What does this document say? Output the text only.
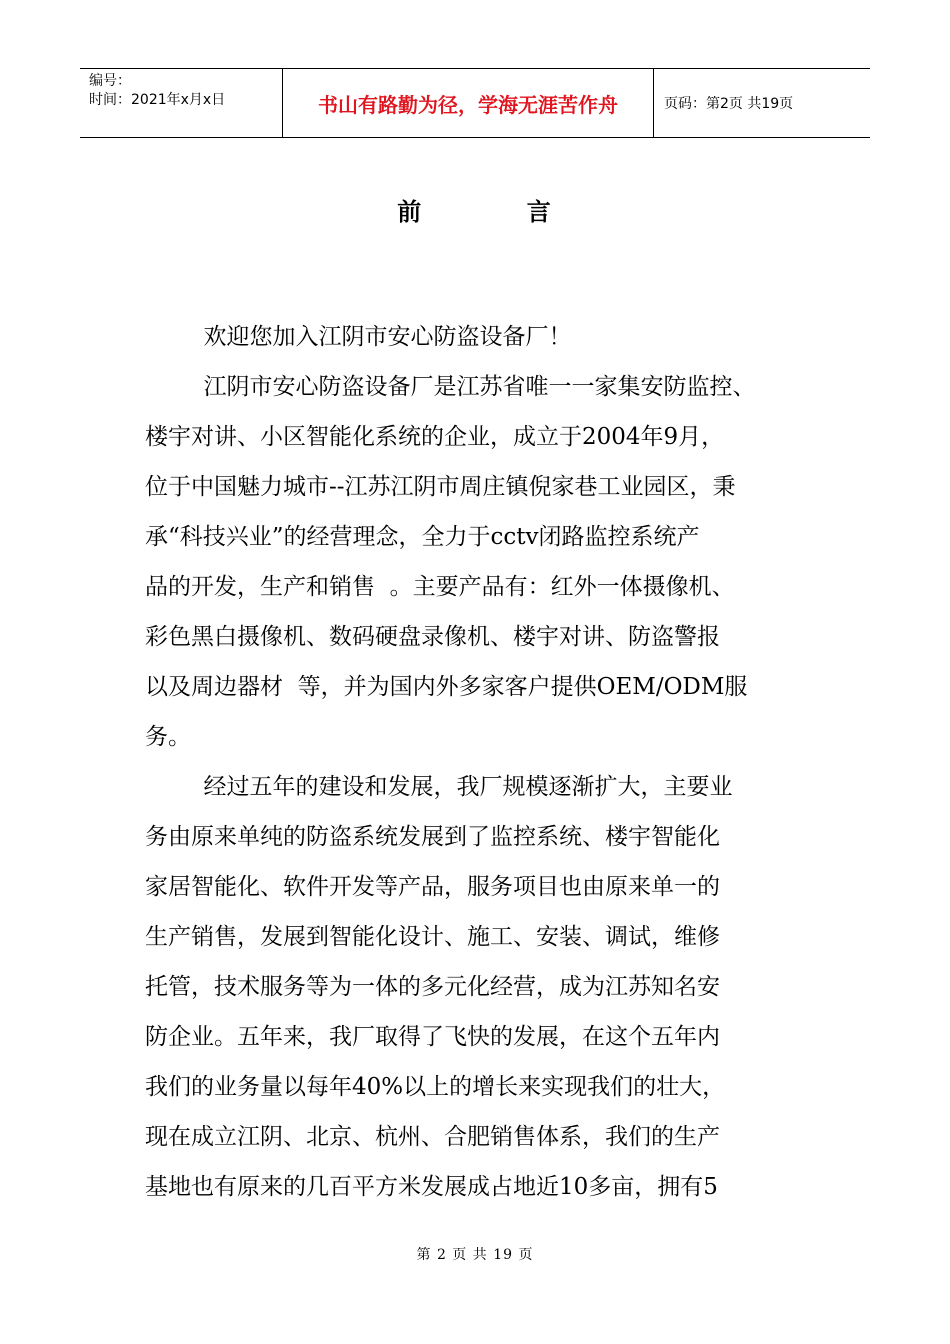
编号：
时间：2021年x月x日	书山有路勤为径，学海无涯苦作舟	页码：第2页 共19页
前          言
欢迎您加入江阴市安心防盗设备厂！
江阴市安心防盗设备厂是江苏省唯一一家集安防监控、
楼宇对讲、小区智能化系统的企业，成立于2004年9月，
位于中国魅力城市--江苏江阴市周庄镇倪家巷工业园区，秉
承“科技兴业”的经营理念，全力于cctv闭路监控系统产
品的开发，生产和销售  。主要产品有：红外一体摄像机、
彩色黑白摄像机、数码硬盘录像机、楼宇对讲、防盗警报
以及周边器材  等，并为国内外多家客户提供OEM/ODM服
务。
经过五年的建设和发展，我厂规模逐渐扩大，主要业
务由原来单纯的防盗系统发展到了监控系统、楼宇智能化
家居智能化、软件开发等产品，服务项目也由原来单一的
生产销售，发展到智能化设计、施工、安装、调试，维修
托管，技术服务等为一体的多元化经营，成为江苏知名安
防企业。五年来，我厂取得了飞快的发展，在这个五年内
我们的业务量以每年40%以上的增长来实现我们的壮大，
现在成立江阴、北京、杭州、合肥销售体系，我们的生产
基地也有原来的几百平方米发展成占地近10多亩，拥有5
第 2 页 共 19 页
